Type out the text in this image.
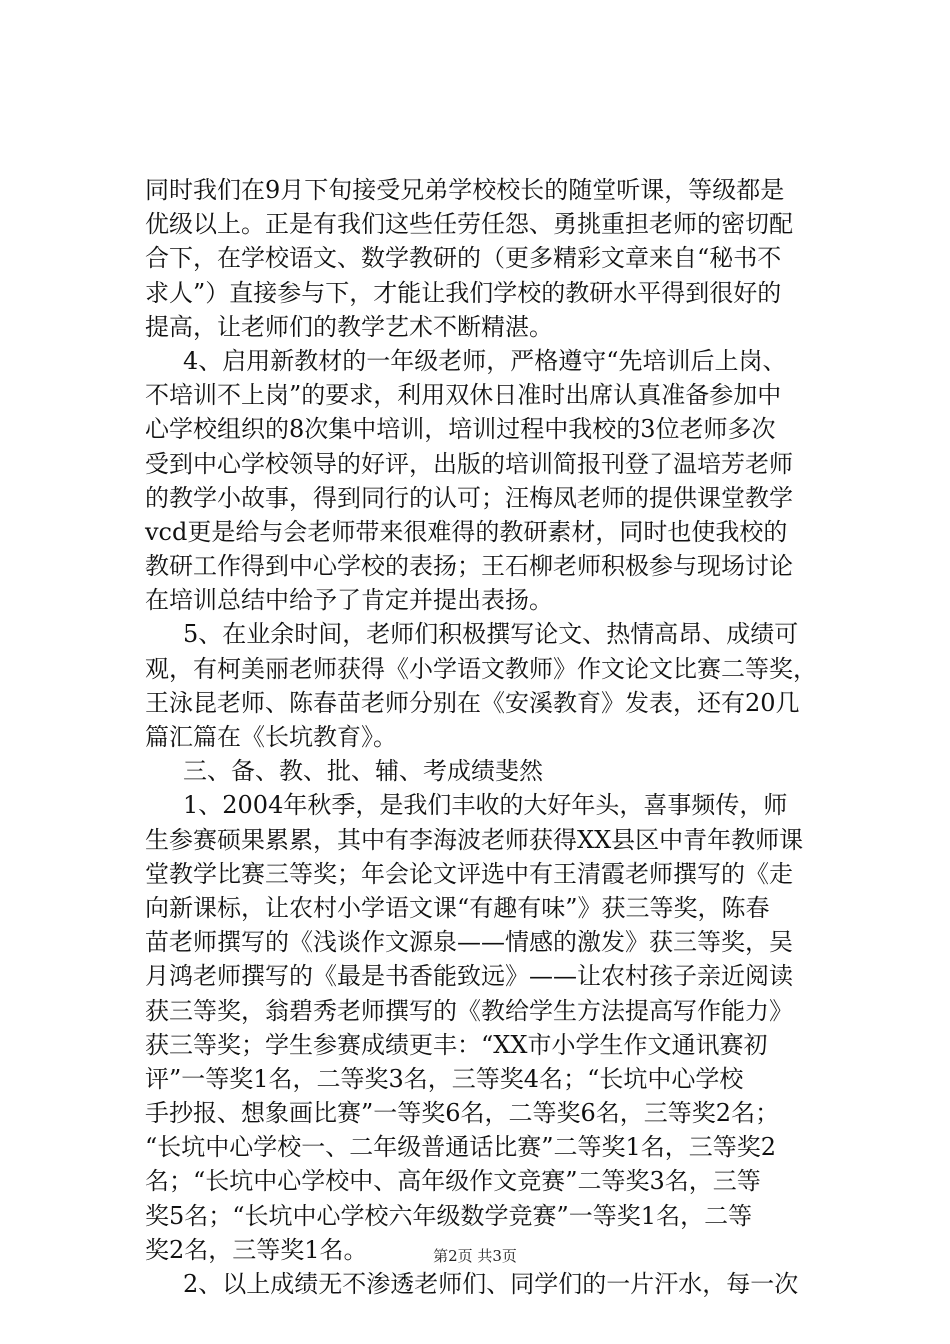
同时我们在9月下旬接受兄弟学校校长的随堂听课，等级都是
优级以上。正是有我们这些任劳任怨、勇挑重担老师的密切配
合下，在学校语文、数学教研的（更多精彩文章来自“秘书不
求人”）直接参与下，才能让我们学校的教研水平得到很好的
提高，让老师们的教学艺术不断精湛。
4、启用新教材的一年级老师，严格遵守“先培训后上岗、
不培训不上岗”的要求，利用双休日准时出席认真准备参加中
心学校组织的8次集中培训，培训过程中我校的3位老师多次
受到中心学校领导的好评，出版的培训简报刊登了温培芳老师
的教学小故事，得到同行的认可；汪梅凤老师的提供课堂教学
vcd更是给与会老师带来很难得的教研素材，同时也使我校的
教研工作得到中心学校的表扬；王石柳老师积极参与现场讨论
在培训总结中给予了肯定并提出表扬。
5、在业余时间，老师们积极撰写论文、热情高昂、成绩可
观，有柯美丽老师获得《小学语文教师》作文论文比赛二等奖，
王泳昆老师、陈春苗老师分别在《安溪教育》发表，还有20几
篇汇篇在《长坑教育》。
三、备、教、批、辅、考成绩斐然
1、2004年秋季，是我们丰收的大好年头，喜事频传，师
生参赛硕果累累，其中有李海波老师获得XX县区中青年教师课
堂教学比赛三等奖；年会论文评选中有王清霞老师撰写的《走
向新课标，让农村小学语文课“有趣有味”》获三等奖，陈春
苗老师撰写的《浅谈作文源泉——情感的激发》获三等奖，吴
月鸿老师撰写的《最是书香能致远》——让农村孩子亲近阅读
获三等奖，翁碧秀老师撰写的《教给学生方法提高写作能力》
获三等奖；学生参赛成绩更丰：“XX市小学生作文通讯赛初
评”一等奖1名，二等奖3名，三等奖4名；“长坑中心学校
手抄报、想象画比赛”一等奖6名，二等奖6名，三等奖2名；
“长坑中心学校一、二年级普通话比赛”二等奖1名，三等奖2
名；“长坑中心学校中、高年级作文竞赛”二等奖3名，三等
奖5名；“长坑中心学校六年级数学竞赛”一等奖1名，二等
奖2名，三等奖1名。
2、以上成绩无不渗透老师们、同学们的一片汗水，每一次
第2页 共3页
